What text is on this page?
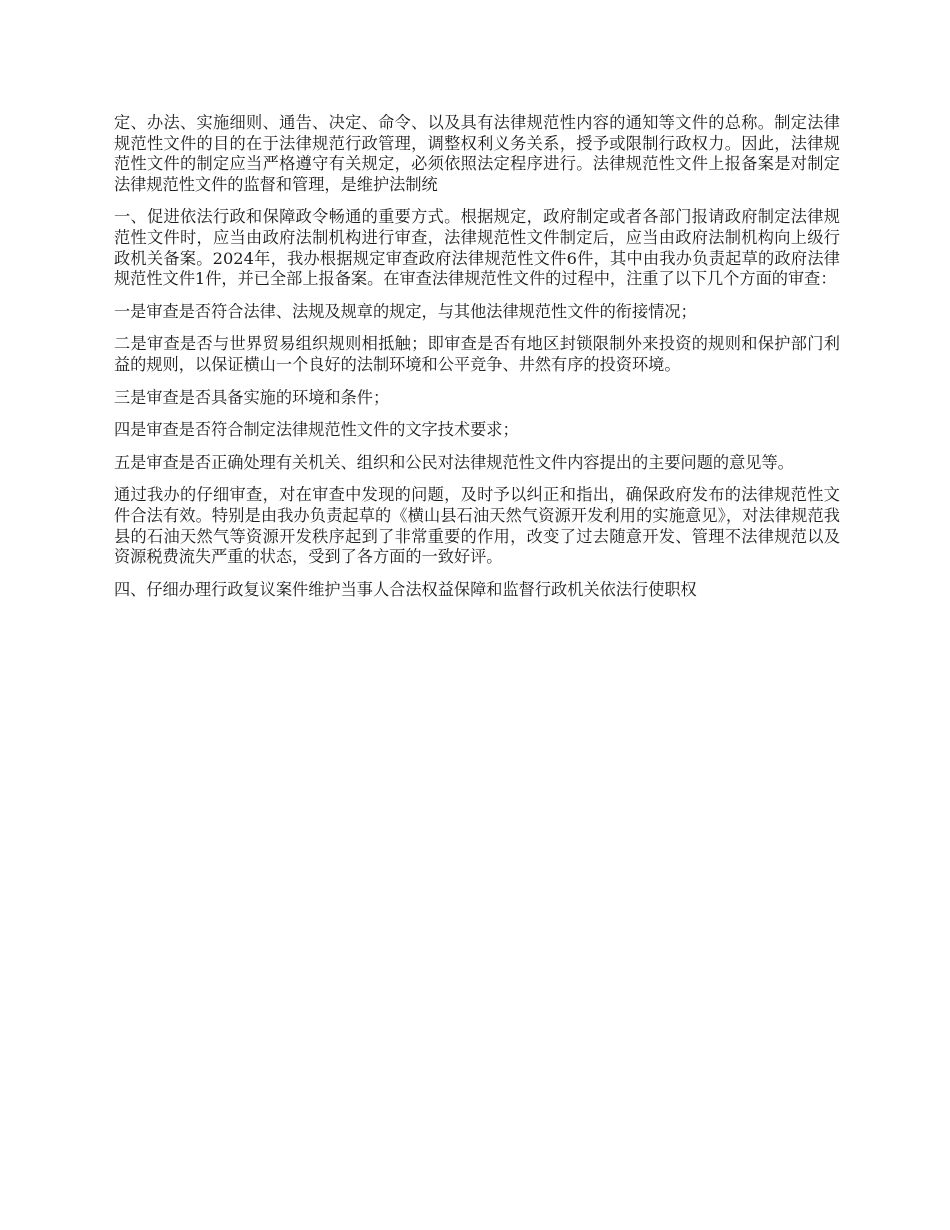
定、办法、实施细则、通告、决定、命令、以及具有法律规范性内容的通知等文件的总称。制定法律规范性文件的目的在于法律规范行政管理，调整权利义务关系，授予或限制行政权力。因此，法律规范性文件的制定应当严格遵守有关规定，必须依照法定程序进行。法律规范性文件上报备案是对制定法律规范性文件的监督和管理，是维护法制统

一、促进依法行政和保障政令畅通的重要方式。根据规定，政府制定或者各部门报请政府制定法律规范性文件时，应当由政府法制机构进行审查，法律规范性文件制定后，应当由政府法制机构向上级行政机关备案。2024年，我办根据规定审查政府法律规范性文件6件，其中由我办负责起草的政府法律规范性文件1件，并已全部上报备案。在审查法律规范性文件的过程中，注重了以下几个方面的审查：

一是审查是否符合法律、法规及规章的规定，与其他法律规范性文件的衔接情况；

二是审查是否与世界贸易组织规则相抵触；即审查是否有地区封锁限制外来投资的规则和保护部门利益的规则，以保证横山一个良好的法制环境和公平竞争、井然有序的投资环境。

三是审查是否具备实施的环境和条件；

四是审查是否符合制定法律规范性文件的文字技术要求；

五是审查是否正确处理有关机关、组织和公民对法律规范性文件内容提出的主要问题的意见等。

通过我办的仔细审查，对在审查中发现的问题，及时予以纠正和指出，确保政府发布的法律规范性文件合法有效。特别是由我办负责起草的《横山县石油天然气资源开发利用的实施意见》，对法律规范我县的石油天然气等资源开发秩序起到了非常重要的作用，改变了过去随意开发、管理不法律规范以及资源税费流失严重的状态，受到了各方面的一致好评。

四、仔细办理行政复议案件维护当事人合法权益保障和监督行政机关依法行使职权
